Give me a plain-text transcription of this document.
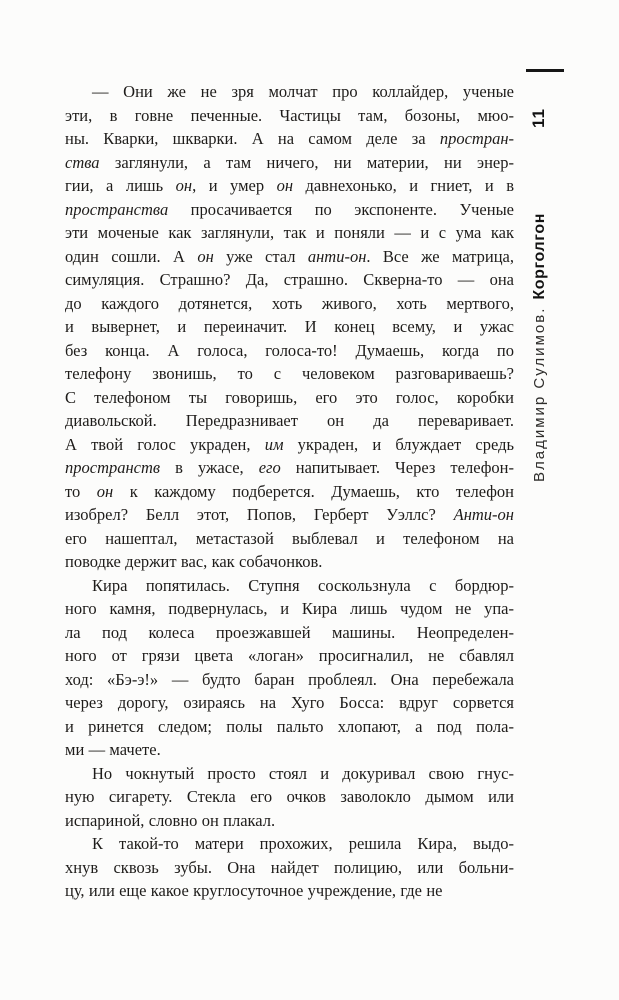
11
Владимир Сулимов.Корголгон
— Они же не зря молчат про коллайдер, ученые
эти, в говне печенные. Частицы там, бозоны, мюо-
ны. Кварки, шкварки. А на самом деле за простран-
ства заглянули, а там ничего, ни материи, ни энер-
гии, а лишь он, и умер он давнехонько, и гниет, и в
пространства просачивается по экспоненте. Ученые
эти моченые как заглянули, так и поняли — и с ума как
один сошли. А он уже стал анти-он. Все же матрица,
симуляция. Страшно? Да, страшно. Скверна-то — она
до каждого дотянется, хоть живого, хоть мертвого,
и вывернет, и переиначит. И конец всему, и ужас
без конца. А голоса, голоса-то! Думаешь, когда по
телефону звонишь, то с человеком разговариваешь?
С телефоном ты говоришь, его это голос, коробки
диавольской. Передразнивает он да переваривает.
А твой голос украден, им украден, и блуждает средь
пространств в ужасе, его напитывает. Через телефон-
то он к каждому подберется. Думаешь, кто телефон
изобрел? Белл этот, Попов, Герберт Уэллс? Анти-он
его нашептал, метастазой выблевал и телефоном на
поводке держит вас, как собачонков.
Кира попятилась. Ступня соскользнула с бордюр-
ного камня, подвернулась, и Кира лишь чудом не упа-
ла под колеса проезжавшей машины. Неопределен-
ного от грязи цвета «логан» просигналил, не сбавлял
ход: «Бэ-э!» — будто баран проблеял. Она перебежала
через дорогу, озираясь на Хуго Босса: вдруг сорвется
и ринется следом; полы пальто хлопают, а под пола-
ми — мачете.
Но чокнутый просто стоял и докуривал свою гнус-
ную сигарету. Стекла его очков заволокло дымом или
испариной, словно он плакал.
К такой-то матери прохожих, решила Кира, выдо-
хнув сквозь зубы. Она найдет полицию, или больни-
цу, или еще какое круглосуточное учреждение, где не
